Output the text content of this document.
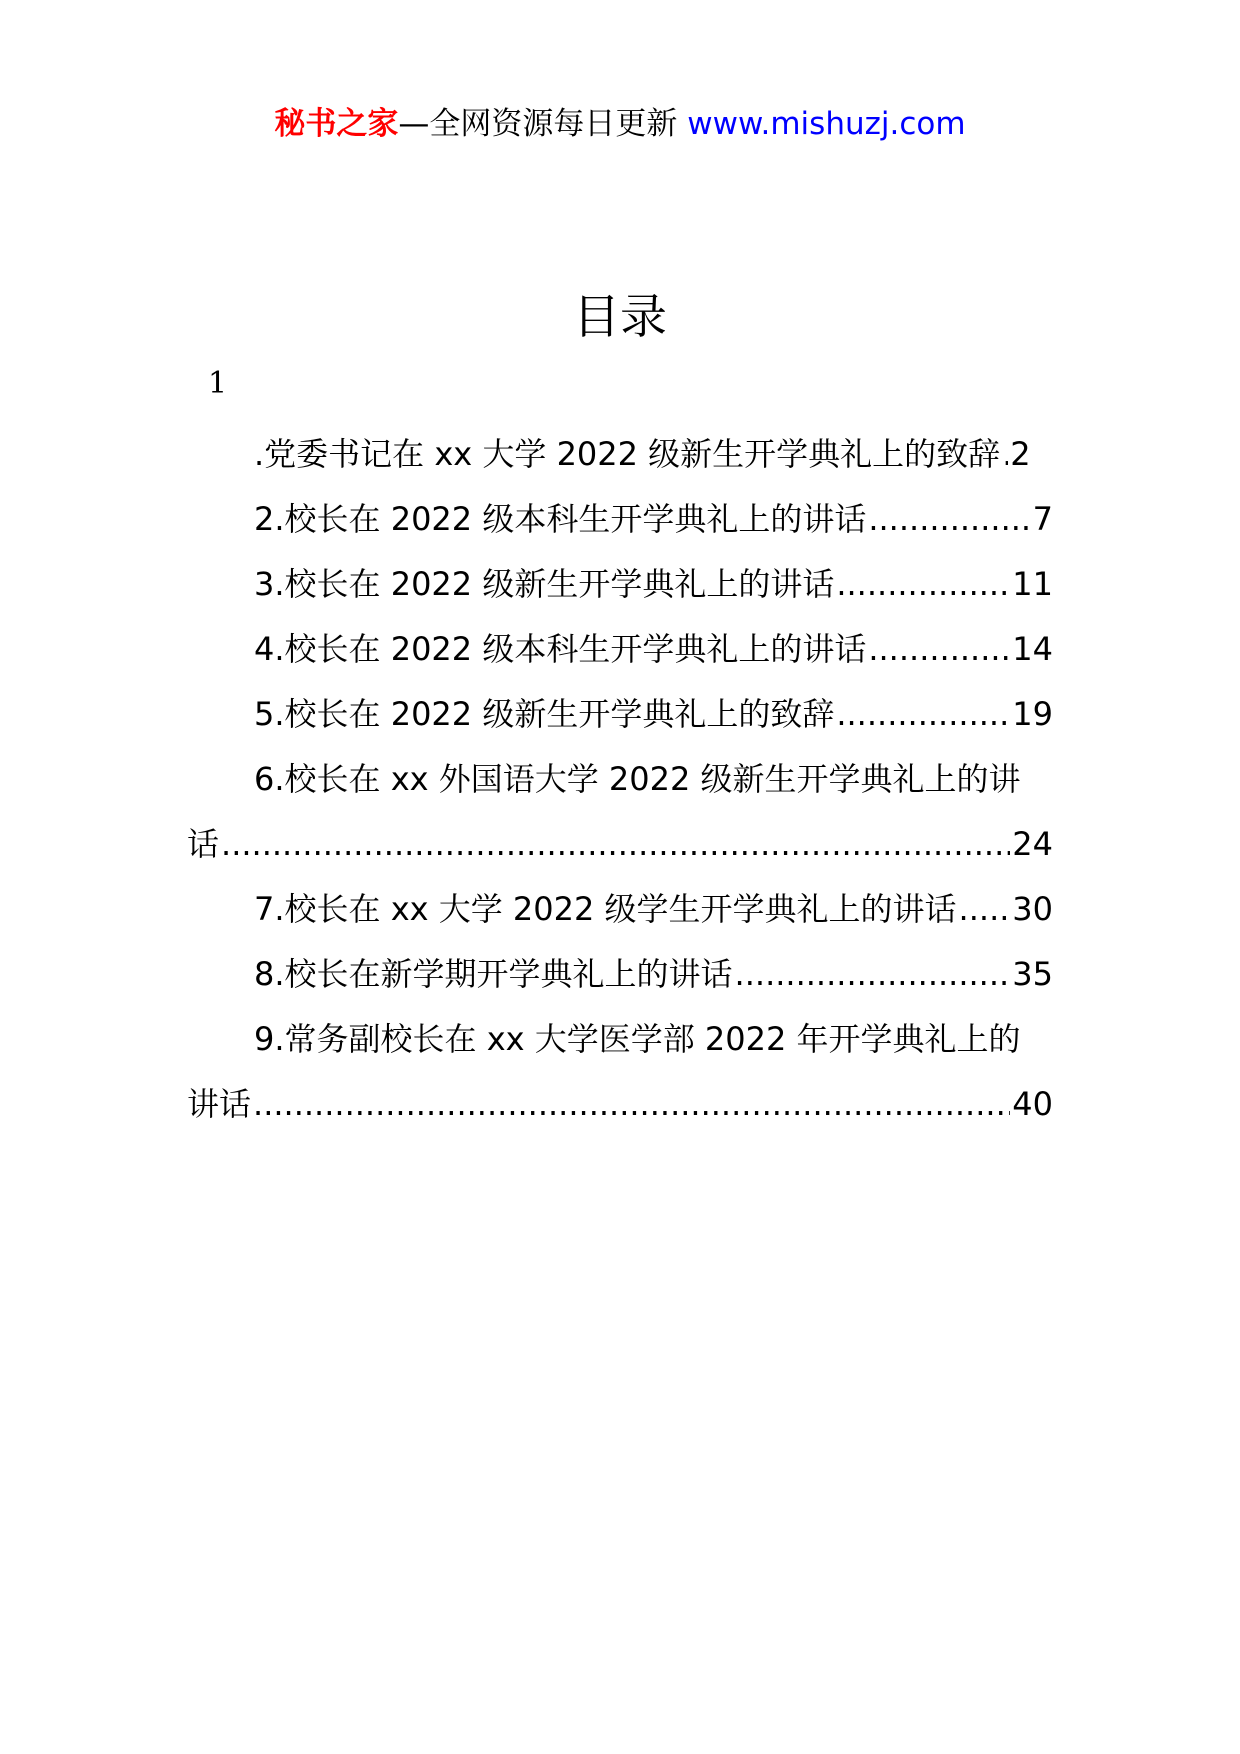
秘书之家—全网资源每日更新 www.mishuzj.com
目录
1
.党委书记在 xx 大学 2022 级新生开学典礼上的致辞 ..... 2
2.校长在 2022 级本科生开学典礼上的讲话 .....	7
3.校长在 2022 级新生开学典礼上的讲话 .....	11
4.校长在 2022 级本科生开学典礼上的讲话 .....	14
5.校长在 2022 级新生开学典礼上的致辞 .....	19
6.校长在 xx 外国语大学 2022 级新生开学典礼上的讲
话 .....	24
7.校长在 xx 大学 2022 级学生开学典礼上的讲话 ..... 30
8.校长在新学期开学典礼上的讲话 .....	35
9.常务副校长在 xx 大学医学部 2022 年开学典礼上的
讲话 .....	40
